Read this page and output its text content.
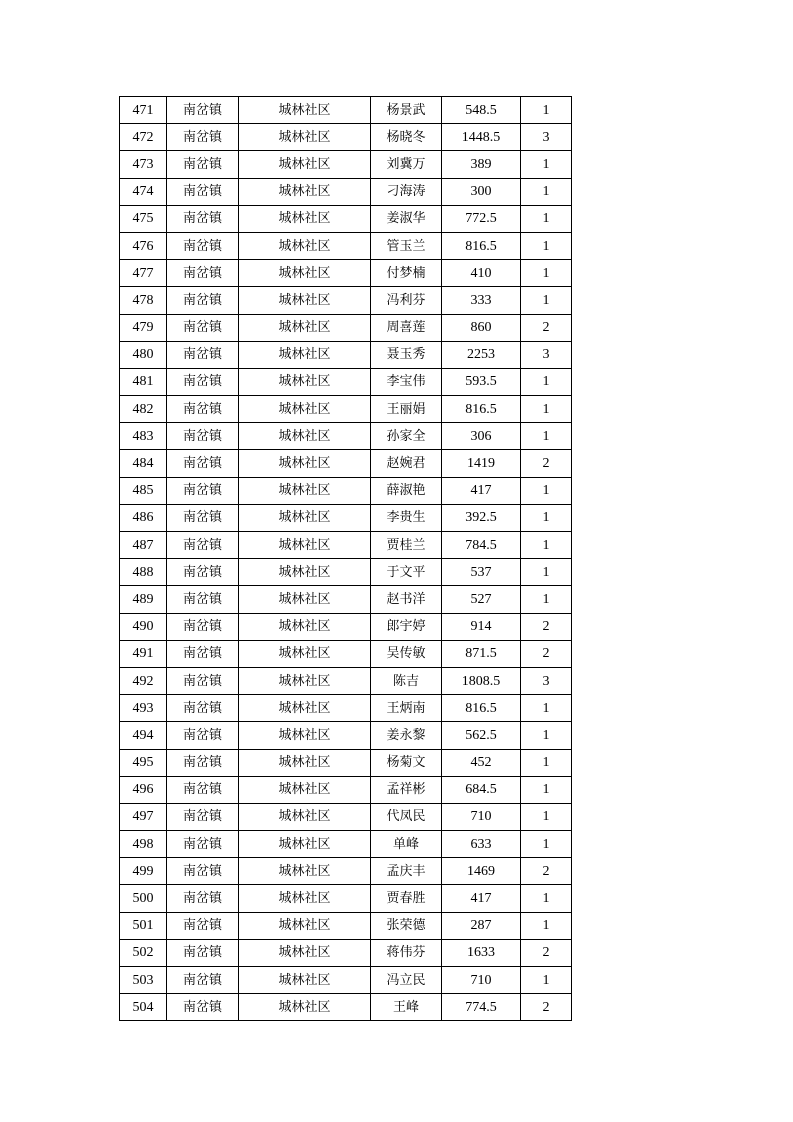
471	南岔镇	城林社区	杨景武	548.5	1
472	南岔镇	城林社区	杨晓冬	1448.5	3
473	南岔镇	城林社区	刘冀万	389	1
474	南岔镇	城林社区	刁海涛	300	1
475	南岔镇	城林社区	姜淑华	772.5	1
476	南岔镇	城林社区	管玉兰	816.5	1
477	南岔镇	城林社区	付梦楠	410	1
478	南岔镇	城林社区	冯利芬	333	1
479	南岔镇	城林社区	周喜莲	860	2
480	南岔镇	城林社区	聂玉秀	2253	3
481	南岔镇	城林社区	李宝伟	593.5	1
482	南岔镇	城林社区	王丽娟	816.5	1
483	南岔镇	城林社区	孙家全	306	1
484	南岔镇	城林社区	赵婉君	1419	2
485	南岔镇	城林社区	薛淑艳	417	1
486	南岔镇	城林社区	李贵生	392.5	1
487	南岔镇	城林社区	贾桂兰	784.5	1
488	南岔镇	城林社区	于文平	537	1
489	南岔镇	城林社区	赵书洋	527	1
490	南岔镇	城林社区	郎宇婷	914	2
491	南岔镇	城林社区	吴传敏	871.5	2
492	南岔镇	城林社区	陈吉	1808.5	3
493	南岔镇	城林社区	王炳南	816.5	1
494	南岔镇	城林社区	姜永黎	562.5	1
495	南岔镇	城林社区	杨菊文	452	1
496	南岔镇	城林社区	孟祥彬	684.5	1
497	南岔镇	城林社区	代凤民	710	1
498	南岔镇	城林社区	单峰	633	1
499	南岔镇	城林社区	孟庆丰	1469	2
500	南岔镇	城林社区	贾春胜	417	1
501	南岔镇	城林社区	张荣德	287	1
502	南岔镇	城林社区	蒋伟芬	1633	2
503	南岔镇	城林社区	冯立民	710	1
504	南岔镇	城林社区	王峰	774.5	2
